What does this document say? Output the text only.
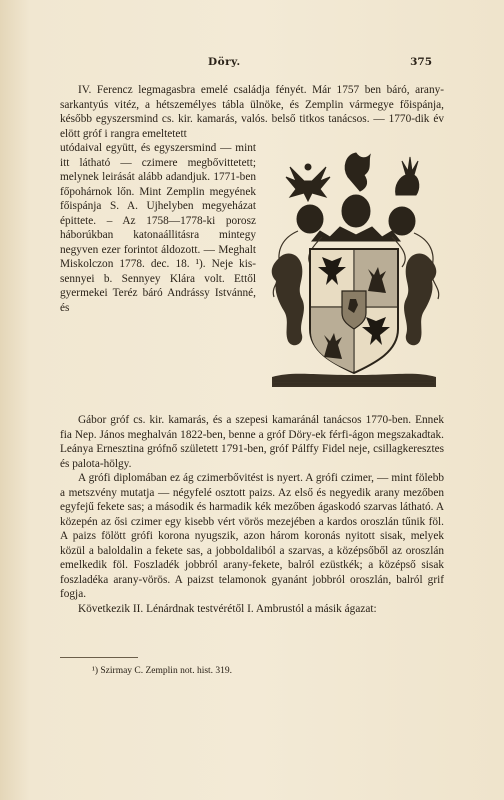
Döry.	375

IV. Ferencz legmagasbra emelé családja fényét. Már 1757 ben báró, arany-sarkantyús vitéz, a hétszemélyes tábla ülnöke, és Zemplin vármegye főispánja, később egyszersmind cs. kir. kamarás, valós. belső titkos tanácsos. — 1770-dik év elött gróf i rangra emeltetett

utódaival együtt, és egyszersmind — mint itt látható — czimere megbővittetett; melynek leirását alább adandjuk. 1771-ben főpohárnok lőn. Mint Zemplin megyének főispánja S. A. Ujhelyben megyeházat épittete. – Az 1758—1778-ki porosz háborúkban katonaállitásra mintegy negyven ezer forintot áldozott. — Meghalt Miskolczon 1778. dec. 18. ¹). Neje kis-sennyei b. Sennyey Klára volt. Ettől gyermekei Teréz báró Andrássy Istvánné, és

Gábor gróf cs. kir. kamarás, és a szepesi kamaránál tanácsos 1770-ben. Ennek fia Nep. János meghalván 1822-ben, benne a gróf Döry-ek férfi-ágon megszakadtak. Leánya Ernesztina grófnő született 1791-ben, gróf Pálffy Fidel neje, csillagkeresztes és palota-hölgy.

A grófi diplomában ez ág czimerbővitést is nyert. A grófi czimer, — mint fölebb a metszvény mutatja — négyfelé osztott paizs. Az első és negyedik arany mezőben egyfejű fekete sas; a második és harmadik kék mezőben ágaskodó szarvas látható. A közepén az ősi czimer egy kisebb vért vörös mezejében a kardos oroszlán tűnik föl. A paizs fölött grófi korona nyugszik, azon három koronás nyitott sisak, melyek közül a baloldalin a fekete sas, a jobboldaliból a szarvas, a középsőből az oroszlán emelkedik föl. Foszladék jobbról arany-fekete, balról ezüstkék; a középső sisak foszladéka arany-vörös. A paizst telamonok gyanánt jobbról oroszlán, balról grif fogja.

Következik II. Lénárdnak testvérétől I. Ambrustól a másik ágazat:

¹) Szirmay C. Zemplin not. hist. 319.
